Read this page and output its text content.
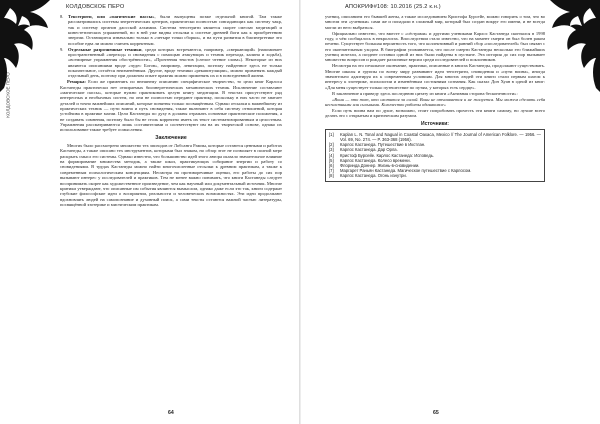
КОЛДОВСКОЕ ПЕРО
КОЛДОВСКОЕ ПЕРО
8. Тенсегрити, или «магические пассы», были выпущены позже отдельной книгой. Там также рассматривались системы энергетических центров, практически полностью совпадающих как систему чакр, так и систему органов даосской алхимии. Система тенсегрити является скорее смесью медитаций и кинестетических упражнений, но в ней уже видны отсылки к системе древней йоги как к приобретению энергии. Остающиеся изначально только в «четыре точки сборки», и на пути развития в биоэнергетике это пособие едва ли можно считать корректным.
9. Отдельные разрозненные техники, среди которых встречаются, например, «сверкающий» (напоминает пространственный «переход» и сновидения с помощью атакующих и техник перехода, калина и ходьба), «всемирные упражнения обострённости», «Прочтения текстов (слепое чтение слова»). Некоторые из них являются описаниями вроде «чудес Богов», например, левитации, поэтому найденное здесь не только показательное, остаётся неизменённым. Другие, вроде техники «рекапитуляции», можно применять каждый отдельный день, поэтому при должном опыте практик можно применять их и в повседневной жизни.

Ремарка: Если же применять по внешнему описанию специфическое творчество, то цели книг Карлоса Кастанеды практически нет отпираемых биоэнергетических механических техник. Исключение составляют «магические пассы», которые нужно практиковать целую книгу медитации. В текстах присутствуют ряд интересных и необычных систем, но они не полностью передают практику, поскольку в них часто не хватает деталей и точно важнейших описаний, которые понятны только посвящённым. Однако отсылки к важнейшему из практических техник — пути воина и путь сновидения, также включают в себя систему отношений, которая устойчива в практике магии. Цели Кастанеды по духу в должны отражать основные практические положения, а не создавать сомнения, поэтому было бы не столь корректно иметь их текст систематизированным и целостным. Упражнения рассматриваются лишь составителями и соответствуют им на их творческой основе, однако их использование также требует осмысления.

Заключение

Многих было рассмотрено множество тех эпизодов от Лобсанга Рампы, которые остаются ценными и работах Кастанеды, а также описано тех инструментов, которыми был знаком, но обзор этот не позволяет в полной мере раскрыть смысл его системы. Однако известно, что большинство идей этого автора оказало значительное влияние на формирование множества методик, а также школ, практикующих собирание энергии и работу со сновидениями. В трудах Кастанеды можно найти многочисленные отсылки к древним практикам, а также к современным психологическим концепциям. Несмотря на противоречивые оценки, его работы до сих пор вызывают интерес у исследователей и практиков. Тем не менее важно понимать, что книги Кастанеды следует воспринимать скорее как художественное произведение, чем как научный или документальный источник. Многие критики утверждают, что описанные им события являются вымыслом, однако даже если это так, книги содержат глубокие философские идеи о восприятии, реальности и человеческих возможностях. Эти идеи продолжают вдохновлять людей на самопознание и духовный поиск, а сами тексты остаются важной частью литературы, посвящённой эзотерике и мистическим практикам.

64
АПОКРИФ#108: 10.2016 (25.2 к.н.)

учениц, описанием его бывшей жены, а также исследованием Кристофа Бурсейе, можно говорить о том, что во многом эти «ученики» сами же и попадали в сложный мир, который был создан вокруг его имени, и не всегда могли из него выбраться.

Официально известно, что вместе с «сёстрами» и другими учениками Карлос Кастанеда скончался в 1998 году, о чём сообщалось в некрологах. Впоследствии стало известно, что на момент смерти он был болен раком печени. Существует большая вероятность того, что коллективный и ранний сбор «последователей» был связан с его окончательным уходом. В биографии упоминается, что после смерти Кастанеды несколько его ближайших учениц исчезли, а позднее останки одной из них были найдены в пустыне. Эта история до сих пор вызывает множество вопросов и рождает различные версии среди исследователей и поклонников.

Несмотря на это печальное окончание, практики, описанные в книгах Кастанеды, продолжают существовать. Многие школы и группы по всему миру развивают идеи тенсегрити, сновидения и «пути воина», иногда значительно адаптируя их к современным условиям. Для многих людей эти книги стали первым шагом к интересу к эзотерике, психологии и изменённым состояниям сознания. Как сказал Дон Хуан в одной из книг: «Для меня существует только путешествие по путям, у которых есть сердце».

В заключение я приведу здесь последнюю цитату из книги «Активная сторона бесконечности»:

«Воин — это тот, кто охотится за силой. Воин не отчаивается и не жалуется. Мы можем сделать себя несчастными или сильными. Количество работы одинаковое»

Если путь воина вам по душе, возможно, стоит попробовать прочесть эти книги самому, но лучше всего делать это с открытым и критическим разумом.

Источники:
[1]	Kaplan L. N. Tonal and Nagual in Coastal Oaxaca, Mexico // The Journal of American Folklore. — 1956. — Vol. 69, No. 274. — P. 363-368 (1956).
[2]	Карлос Кастанеда. Путешествие в Икстлан.
[3]	Карлос Кастанеда. Дар Орла.
[4]	Кристоф Бурсейе. Карлос Кастанеда: Исповедь.
[5]	Карлос Кастанеда. Колесо времени.
[6]	Флоринда Доннер. Жизнь-в-сновидении.
[7]	Маргарет Раньян Кастанеда. Магическое путешествие с Карлосом.
[8]	Карлос Кастанеда. Огонь изнутри.
65
